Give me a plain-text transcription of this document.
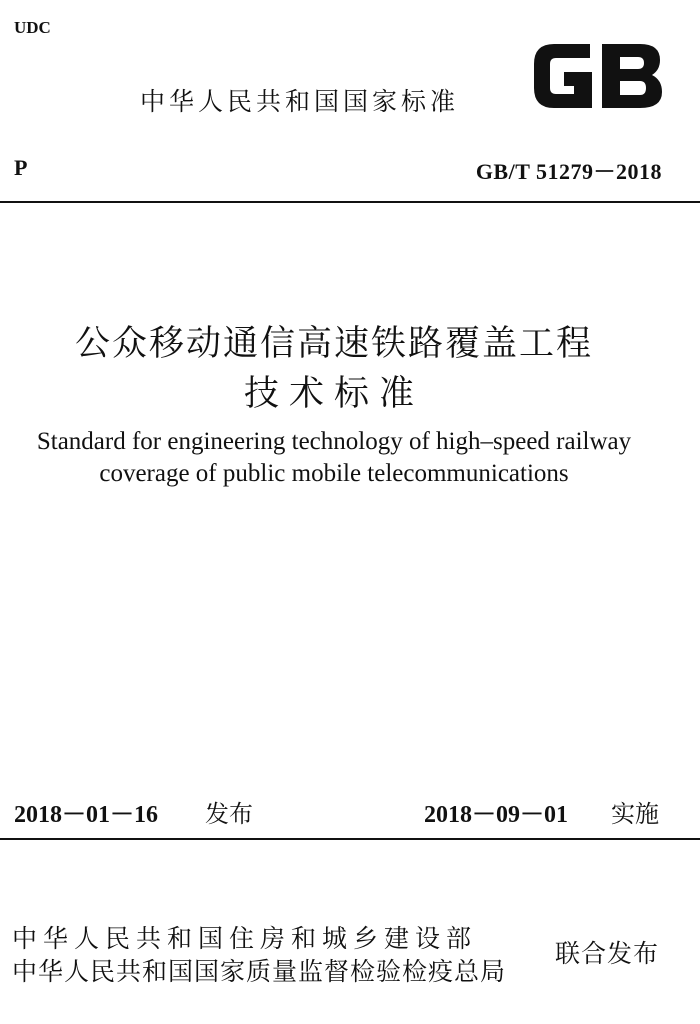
UDC
中华人民共和国国家标准
P	GB/T 51279－2018
公众移动通信高速铁路覆盖工程
技术标准
Standard for engineering technology of high–speed railway
coverage of public mobile telecommunications
2018－01－16 发布	2018－09－01 实施
中华人民共和国住房和城乡建设部
中华人民共和国国家质量监督检验检疫总局
联合发布
